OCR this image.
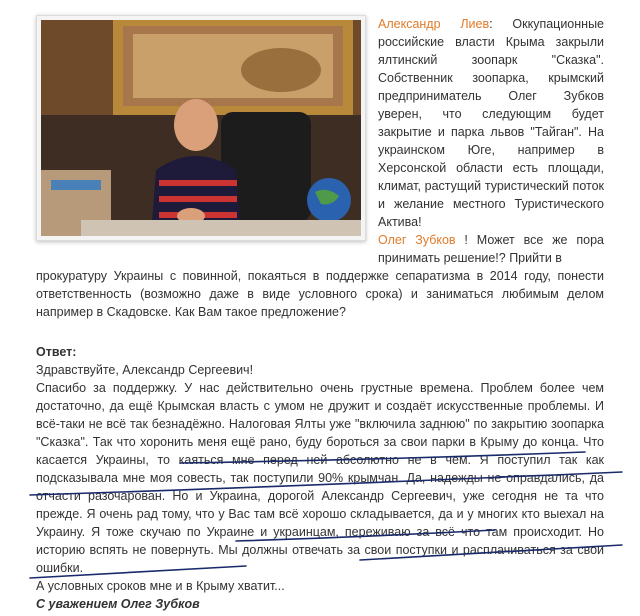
Александр Лиев: Оккупационные российские власти Крыма закрыли ялтинский зоопарк "Сказка". Собственник зоопарка, крымский предприниматель Олег Зубков уверен, что следующим будет закрытие и парка львов "Тайган". На украинском Юге, например в Херсонской области есть площади, климат, растущий туристический поток и желание местного Туристического Актива!
Олег Зубков ! Может все же пора принимать решение!? Прийти в
прокуратуру Украины с повинной, покаяться в поддержке сепаратизма в 2014 году, понести ответственность (возможно даже в виде условного срока) и заниматься любимым делом например в Скадовске. Как Вам такое предложение?

Ответ:

Здравствуйте, Александр Сергеевич!

Спасибо за поддержку. У нас действительно очень грустные времена. Проблем более чем достаточно, да ещё Крымская власть с умом не дружит и создаёт искусственные проблемы. И всё-таки не всё так безнадёжно. Налоговая Ялты уже "включила заднюю" по закрытию зоопарка "Сказка". Так что хоронить меня ещё рано, буду бороться за свои парки в Крыму до конца. Что касается Украины, то каяться мне перед ней абсолютно не в чем. Я поступил так как подсказывала мне моя совесть, так поступили 90% крымчан. Да, надежды не оправдались, да отчасти разочарован. Но и Украина, дорогой Александр Сергеевич, уже сегодня не та что прежде. Я очень рад тому, что у Вас там всё хорошо складывается, да и у многих кто выехал на Украину. Я тоже скучаю по Украине и украинцам, переживаю за всё что там происходит. Но историю вспять не повернуть. Мы должны отвечать за свои поступки и расплачиваться за свои ошибки.

А условных сроков мне и в Крыму хватит...

С уважением Олег Зубков
